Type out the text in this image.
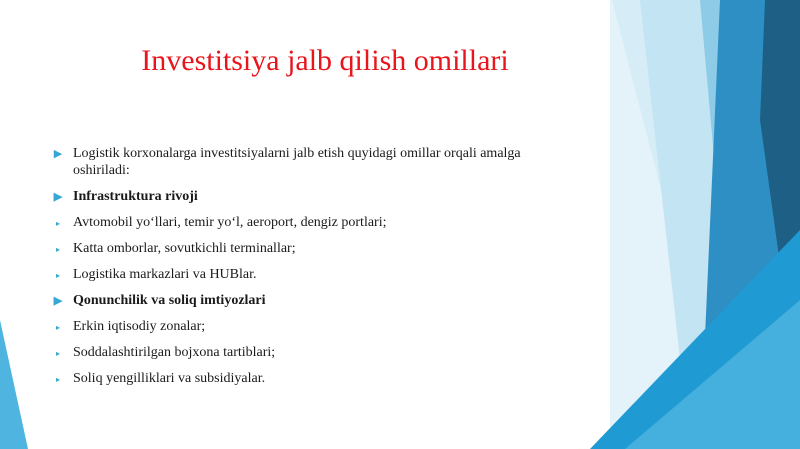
Investitsiya jalb qilish omillari
▶ Logistik korxonalarga investitsiyalarni jalb etish quyidagi omillar orqali amalga oshiriladi:
▶ Infrastruktura rivoji
▸ Avtomobil yo‘llari, temir yo‘l, aeroport, dengiz portlari;
▸ Katta omborlar, sovutkichli terminallar;
▸ Logistika markazlari va HUBlar.
▶ Qonunchilik va soliq imtiyozlari
▸ Erkin iqtisodiy zonalar;
▸ Soddalashtirilgan bojxona tartiblari;
▸ Soliq yengilliklari va subsidiyalar.
